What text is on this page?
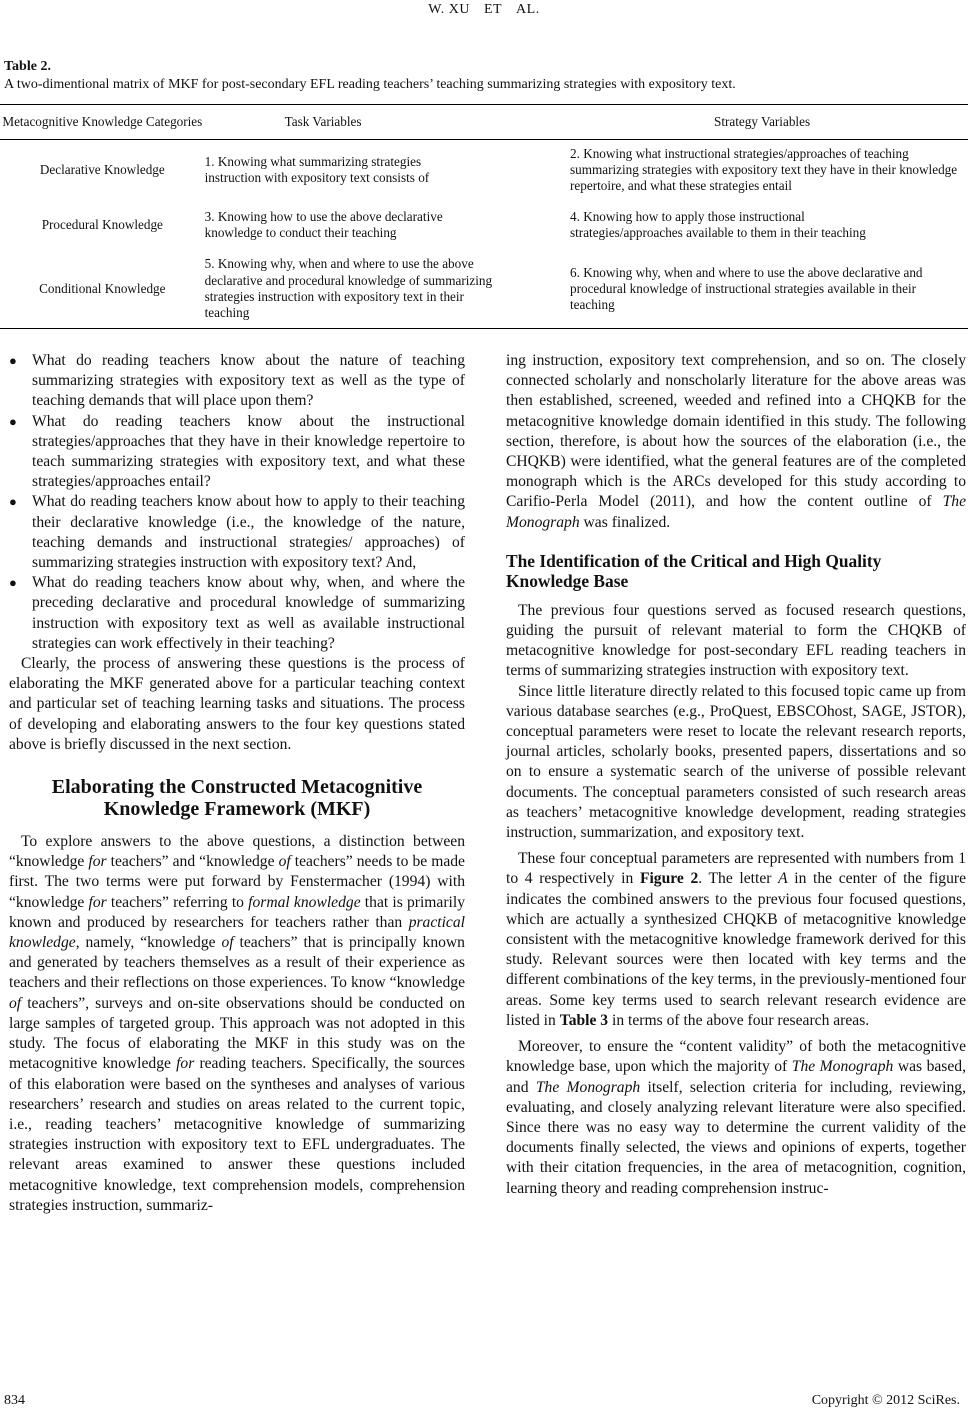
W. XU ET AL.
Table 2.
A two-dimentional matrix of MKF for post-secondary EFL reading teachers’ teaching summarizing strategies with expository text.
Metacognitive Knowledge Categories	Task Variables	Strategy Variables
Declarative Knowledge	1. Knowing what summarizing strategies instruction with expository text consists of	2. Knowing what instructional strategies/approaches of teaching summarizing strategies with expository text they have in their knowledge repertoire, and what these strategies entail

Procedural Knowledge	3. Knowing how to use the above declarative knowledge to conduct their teaching	4. Knowing how to apply those instructional strategies/approaches available to them in their teaching

Conditional Knowledge	5. Knowing why, when and where to use the above declarative and procedural knowledge of summarizing strategies instruction with expository text in their teaching	6. Knowing why, when and where to use the above declarative and procedural knowledge of instructional strategies available in their teaching
● What do reading teachers know about the nature of teaching summarizing strategies with expository text as well as the type of teaching demands that will place upon them?
● What do reading teachers know about the instructional strategies/approaches that they have in their knowledge repertoire to teach summarizing strategies with expository text, and what these strategies/approaches entail?
● What do reading teachers know about how to apply to their teaching their declarative knowledge (i.e., the knowledge of the nature, teaching demands and instructional strategies/ approaches) of summarizing strategies instruction with expository text? And,
● What do reading teachers know about why, when, and where the preceding declarative and procedural knowledge of summarizing instruction with expository text as well as available instructional strategies can work effectively in their teaching?

Clearly, the process of answering these questions is the process of elaborating the MKF generated above for a particular teaching context and particular set of teaching learning tasks and situations. The process of developing and elaborating answers to the four key questions stated above is briefly discussed in the next section.

Elaborating the Constructed Metacognitive Knowledge Framework (MKF)

To explore answers to the above questions, a distinction between “knowledge for teachers” and “knowledge of teachers” needs to be made first. The two terms were put forward by Fenstermacher (1994) with “knowledge for teachers” referring to formal knowledge that is primarily known and produced by researchers for teachers rather than practical knowledge, namely, “knowledge of teachers” that is principally known and generated by teachers themselves as a result of their experience as teachers and their reflections on those experiences. To know “knowledge of teachers”, surveys and on-site observations should be conducted on large samples of targeted group. This approach was not adopted in this study. The focus of elaborating the MKF in this study was on the metacognitive knowledge for reading teachers. Specifically, the sources of this elaboration were based on the syntheses and analyses of various researchers’ research and studies on areas related to the current topic, i.e., reading teachers’ metacognitive knowledge of summarizing strategies instruction with expository text to EFL undergraduates. The relevant areas examined to answer these questions included metacognitive knowledge, text comprehension models, comprehension strategies instruction, summariz-

ing instruction, expository text comprehension, and so on. The closely connected scholarly and nonscholarly literature for the above areas was then established, screened, weeded and refined into a CHQKB for the metacognitive knowledge domain identified in this study. The following section, therefore, is about how the sources of the elaboration (i.e., the CHQKB) were identified, what the general features are of the completed monograph which is the ARCs developed for this study according to Carifio-Perla Model (2011), and how the content outline of The Monograph was finalized.

The Identification of the Critical and High Quality Knowledge Base

The previous four questions served as focused research questions, guiding the pursuit of relevant material to form the CHQKB of metacognitive knowledge for post-secondary EFL reading teachers in terms of summarizing strategies instruction with expository text.

Since little literature directly related to this focused topic came up from various database searches (e.g., ProQuest, EBSCOhost, SAGE, JSTOR), conceptual parameters were reset to locate the relevant research reports, journal articles, scholarly books, presented papers, dissertations and so on to ensure a systematic search of the universe of possible relevant documents. The conceptual parameters consisted of such research areas as teachers’ metacognitive knowledge development, reading strategies instruction, summarization, and expository text.

These four conceptual parameters are represented with numbers from 1 to 4 respectively in Figure 2. The letter A in the center of the figure indicates the combined answers to the previous four focused questions, which are actually a synthesized CHQKB of metacognitive knowledge consistent with the metacognitive knowledge framework derived for this study. Relevant sources were then located with key terms and the different combinations of the key terms, in the previously-mentioned four areas. Some key terms used to search relevant research evidence are listed in Table 3 in terms of the above four research areas.

Moreover, to ensure the “content validity” of both the metacognitive knowledge base, upon which the majority of The Monograph was based, and The Monograph itself, selection criteria for including, reviewing, evaluating, and closely analyzing relevant literature were also specified. Since there was no easy way to determine the current validity of the documents finally selected, the views and opinions of experts, together with their citation frequencies, in the area of metacognition, cognition, learning theory and reading comprehension instruc-

834	Copyright © 2012 SciRes.
